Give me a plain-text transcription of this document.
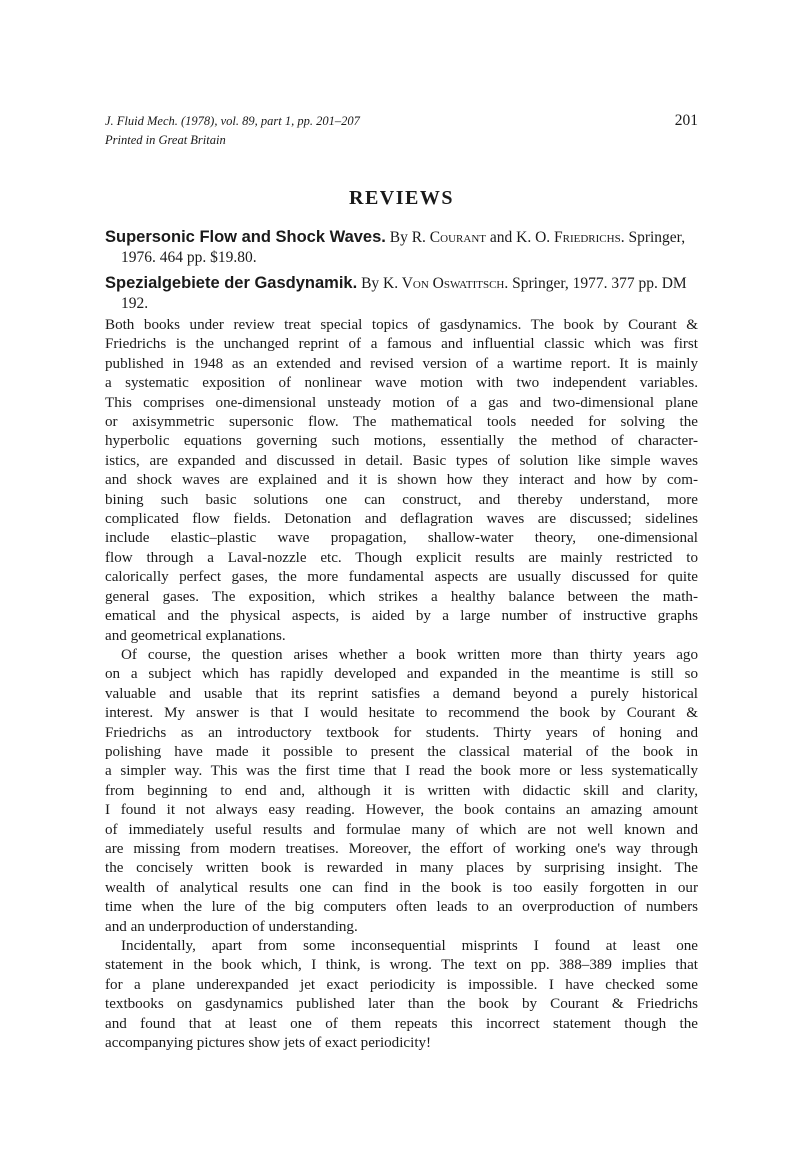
J. Fluid Mech. (1978), vol. 89, part 1, pp. 201–207
Printed in Great Britain
201
REVIEWS
Supersonic Flow and Shock Waves. By R. Courant and K. O. Friedrichs. Springer, 1976. 464 pp. $19.80.
Spezialgebiete der Gasdynamik. By K. Von Oswatitsch. Springer, 1977. 377 pp. DM 192.

Both books under review treat special topics of gasdynamics. The book by Courant &
Friedrichs is the unchanged reprint of a famous and influential classic which was first
published in 1948 as an extended and revised version of a wartime report. It is mainly
a systematic exposition of nonlinear wave motion with two independent variables.
This comprises one-dimensional unsteady motion of a gas and two-dimensional plane
or axisymmetric supersonic flow. The mathematical tools needed for solving the
hyperbolic equations governing such motions, essentially the method of character-
istics, are expanded and discussed in detail. Basic types of solution like simple waves
and shock waves are explained and it is shown how they interact and how by com-
bining such basic solutions one can construct, and thereby understand, more
complicated flow fields. Detonation and deflagration waves are discussed; sidelines
include elastic–plastic wave propagation, shallow-water theory, one-dimensional
flow through a Laval-nozzle etc. Though explicit results are mainly restricted to
calorically perfect gases, the more fundamental aspects are usually discussed for quite
general gases. The exposition, which strikes a healthy balance between the math-
ematical and the physical aspects, is aided by a large number of instructive graphs
and geometrical explanations.

Of course, the question arises whether a book written more than thirty years ago
on a subject which has rapidly developed and expanded in the meantime is still so
valuable and usable that its reprint satisfies a demand beyond a purely historical
interest. My answer is that I would hesitate to recommend the book by Courant &
Friedrichs as an introductory textbook for students. Thirty years of honing and
polishing have made it possible to present the classical material of the book in
a simpler way. This was the first time that I read the book more or less systematically
from beginning to end and, although it is written with didactic skill and clarity,
I found it not always easy reading. However, the book contains an amazing amount
of immediately useful results and formulae many of which are not well known and
are missing from modern treatises. Moreover, the effort of working one's way through
the concisely written book is rewarded in many places by surprising insight. The
wealth of analytical results one can find in the book is too easily forgotten in our
time when the lure of the big computers often leads to an overproduction of numbers
and an underproduction of understanding.

Incidentally, apart from some inconsequential misprints I found at least one
statement in the book which, I think, is wrong. The text on pp. 388–389 implies that
for a plane underexpanded jet exact periodicity is impossible. I have checked some
textbooks on gasdynamics published later than the book by Courant & Friedrichs
and found that at least one of them repeats this incorrect statement though the
accompanying pictures show jets of exact periodicity!
